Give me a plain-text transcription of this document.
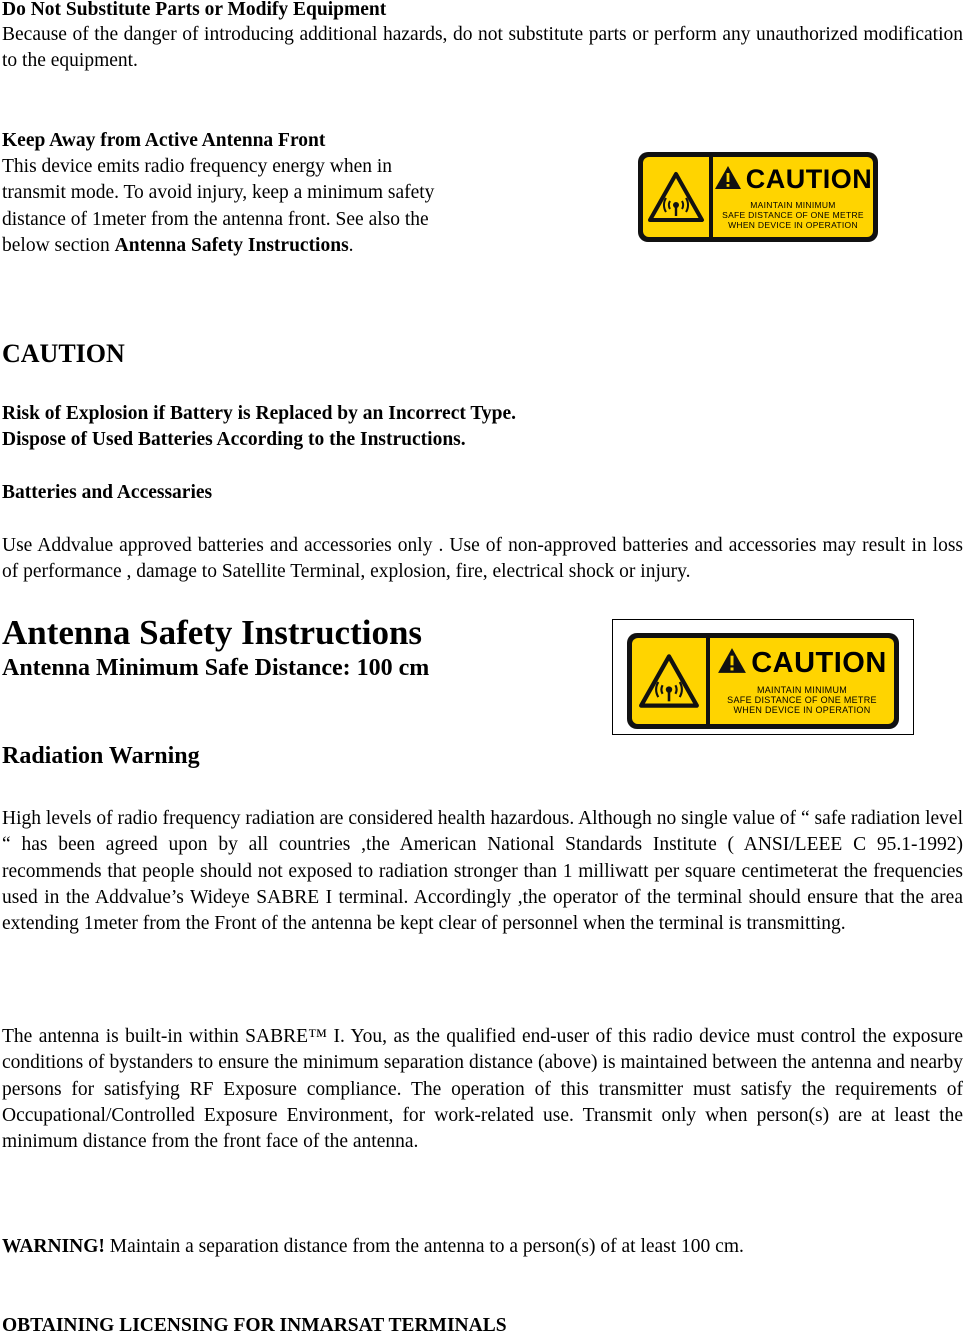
Do Not Substitute Parts or Modify Equipment
Because of the danger of introducing additional hazards, do not substitute parts or perform any unauthorized modification to the equipment.
Keep Away from Active Antenna Front
This device emits radio frequency energy when in
transmit mode. To avoid injury, keep a minimum safety
distance of 1meter from the antenna front. See also the
below section Antenna Safety Instructions.
CAUTION
MAINTAIN MINIMUM
SAFE DISTANCE OF ONE METRE
WHEN DEVICE IN OPERATION
CAUTION
Risk of Explosion if Battery is Replaced by an Incorrect Type.
Dispose of Used Batteries According to the Instructions.
Batteries and Accessaries
Use Addvalue approved batteries and accessories only . Use of non-approved batteries and accessories may result in loss of performance , damage to Satellite Terminal, explosion, fire, electrical shock or injury.
Antenna Safety Instructions
Antenna Minimum Safe Distance: 100 cm	CAUTION
MAINTAIN MINIMUM
SAFE DISTANCE OF ONE METRE
WHEN DEVICE IN OPERATION
Radiation Warning
High levels of radio frequency radiation are considered health hazardous. Although no single value of “ safe radiation level “ has been agreed upon by all countries ,the American National Standards Institute ( ANSI/LEEE C 95.1-1992) recommends that people should not exposed to radiation stronger than 1 milliwatt per square centimeterat the frequencies used in the Addvalue’s Wideye SABRE I terminal. Accordingly ,the operator of the terminal should ensure that the area extending 1meter from the Front of the antenna be kept clear of personnel when the terminal is transmitting.
The antenna is built-in within SABRE™ I. You, as the qualified end-user of this radio device must control the exposure conditions of bystanders to ensure the minimum separation distance (above) is maintained between the antenna and nearby persons for satisfying RF Exposure compliance. The operation of this transmitter must satisfy the requirements of Occupational/Controlled Exposure Environment, for work-related use. Transmit only when person(s) are at least the minimum distance from the front face of the antenna.
WARNING! Maintain a separation distance from the antenna to a person(s) of at least 100 cm.
OBTAINING LICENSING FOR INMARSAT TERMINALS
